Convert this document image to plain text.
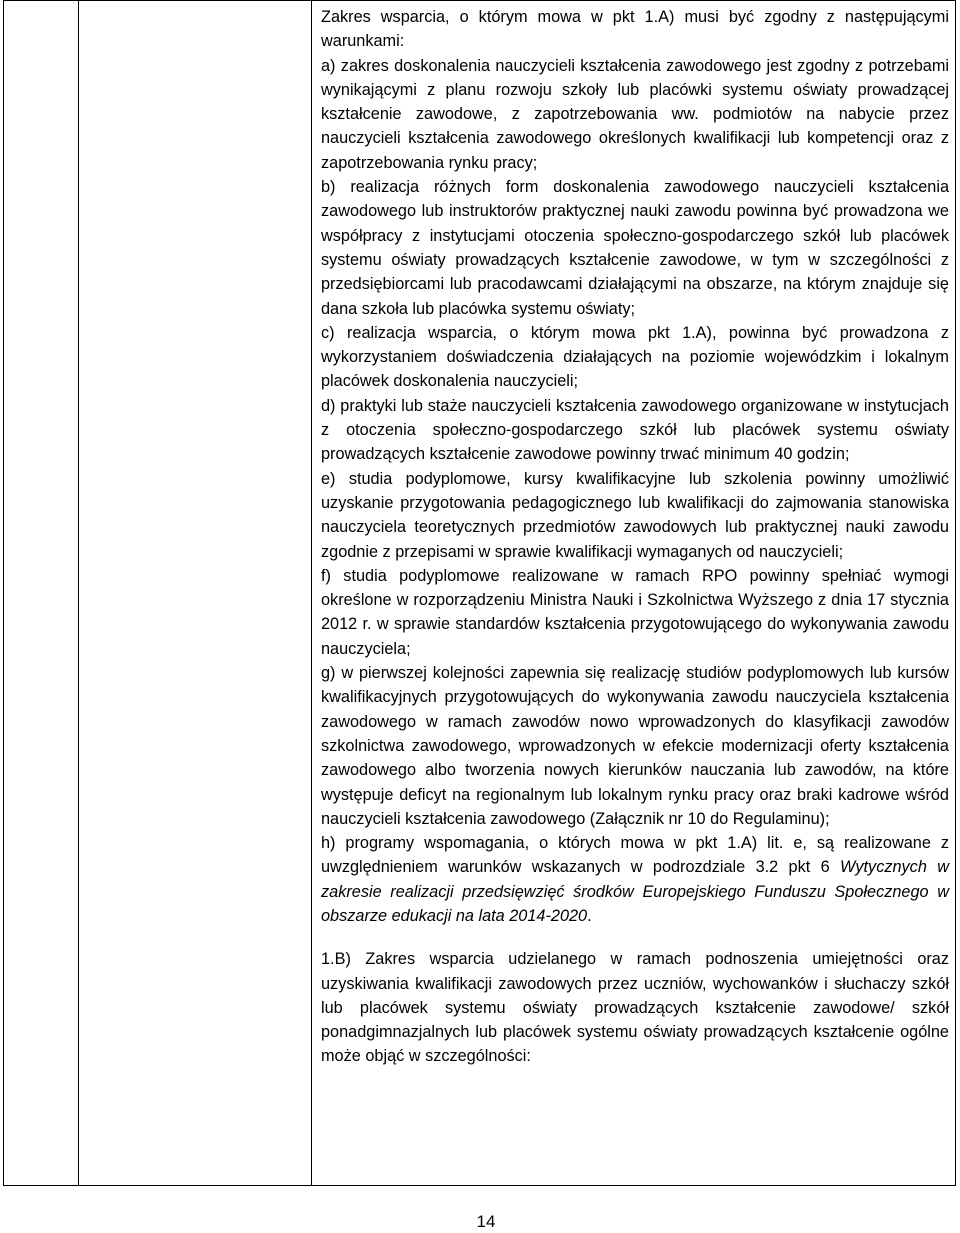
Zakres wsparcia, o którym mowa w pkt 1.A) musi być zgodny z następującymi warunkami:

a) zakres doskonalenia nauczycieli kształcenia zawodowego jest zgodny z potrzebami wynikającymi z planu rozwoju szkoły lub placówki systemu oświaty prowadzącej kształcenie zawodowe, z zapotrzebowania ww. podmiotów na nabycie przez nauczycieli kształcenia zawodowego określonych kwalifikacji lub kompetencji oraz z zapotrzebowania rynku pracy;

b) realizacja różnych form doskonalenia zawodowego nauczycieli kształcenia zawodowego lub instruktorów praktycznej nauki zawodu powinna być prowadzona we współpracy z instytucjami otoczenia społeczno-gospodarczego szkół lub placówek systemu oświaty prowadzących kształcenie zawodowe, w tym w szczególności z przedsiębiorcami lub pracodawcami działającymi na obszarze, na którym znajduje się dana szkoła lub placówka systemu oświaty;

c) realizacja wsparcia, o którym mowa pkt 1.A), powinna być prowadzona z wykorzystaniem doświadczenia działających na poziomie wojewódzkim i lokalnym placówek doskonalenia nauczycieli;

d) praktyki lub staże nauczycieli kształcenia zawodowego organizowane w instytucjach z otoczenia społeczno-gospodarczego szkół lub placówek systemu oświaty prowadzących kształcenie zawodowe powinny trwać minimum 40 godzin;

e) studia podyplomowe, kursy kwalifikacyjne lub szkolenia powinny umożliwić uzyskanie przygotowania pedagogicznego lub kwalifikacji do zajmowania stanowiska nauczyciela teoretycznych przedmiotów zawodowych lub praktycznej nauki zawodu zgodnie z przepisami w sprawie kwalifikacji wymaganych od nauczycieli;

f) studia podyplomowe realizowane w ramach RPO powinny spełniać wymogi określone w rozporządzeniu Ministra Nauki i Szkolnictwa Wyższego z dnia 17 stycznia 2012 r. w sprawie standardów kształcenia przygotowującego do wykonywania zawodu nauczyciela;

g) w pierwszej kolejności zapewnia się realizację studiów podyplomowych lub kursów kwalifikacyjnych przygotowujących do wykonywania zawodu nauczyciela kształcenia zawodowego w ramach zawodów nowo wprowadzonych do klasyfikacji zawodów szkolnictwa zawodowego, wprowadzonych w efekcie modernizacji oferty kształcenia zawodowego albo tworzenia nowych kierunków nauczania lub zawodów, na które występuje deficyt na regionalnym lub lokalnym rynku pracy oraz braki kadrowe wśród nauczycieli kształcenia zawodowego (Załącznik nr 10 do Regulaminu);

h) programy wspomagania, o których mowa w pkt 1.A) lit. e, są realizowane z uwzględnieniem warunków wskazanych w podrozdziale 3.2 pkt 6 Wytycznych w zakresie realizacji przedsięwzięć środków Europejskiego Funduszu Społecznego w obszarze edukacji na lata 2014-2020.

1.B) Zakres wsparcia udzielanego w ramach podnoszenia umiejętności oraz uzyskiwania kwalifikacji zawodowych przez uczniów, wychowanków i słuchaczy szkół lub placówek systemu oświaty prowadzących kształcenie zawodowe/ szkół ponadgimnazjalnych lub placówek systemu oświaty prowadzących kształcenie ogólne może objąć w szczególności:

14
